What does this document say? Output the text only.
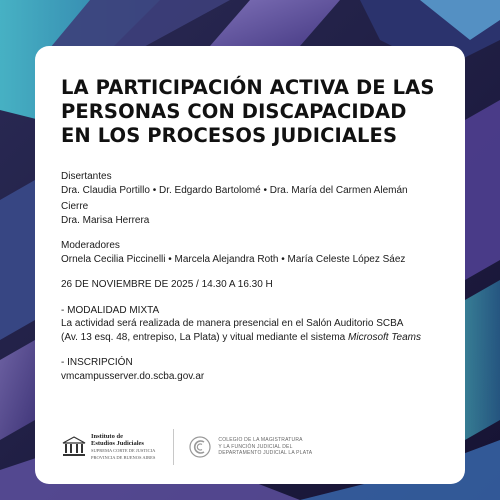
LA PARTICIPACIÓN ACTIVA DE LAS
PERSONAS CON DISCAPACIDAD
EN LOS PROCESOS JUDICIALES

Disertantes

Dra. Claudia Portillo • Dr. Edgardo Bartolomé • Dra. María del Carmen Alemán

Cierre

Dra. Marisa Herrera

Moderadores

Ornela Cecilia Piccinelli • Marcela Alejandra Roth • María Celeste López Sáez

26 DE NOVIEMBRE DE 2025 / 14.30 A 16.30 H

- MODALIDAD MIXTA

La actividad será realizada de manera presencial en el Salón Auditorio SCBA

(Av. 13 esq. 48, entrepiso, La Plata) y vitual mediante el sistema Microsoft Teams

- INSCRIPCIÓN

vmcampusserver.do.scba.gov.ar

Instituto de
Estudios Judiciales
SUPREMA CORTE DE JUSTICIA
PROVINCIA DE BUENOS AIRES
COLEGIO DE LA MAGISTRATURA
Y LA FUNCIÓN JUDICIAL DEL
DEPARTAMENTO JUDICIAL LA PLATA
